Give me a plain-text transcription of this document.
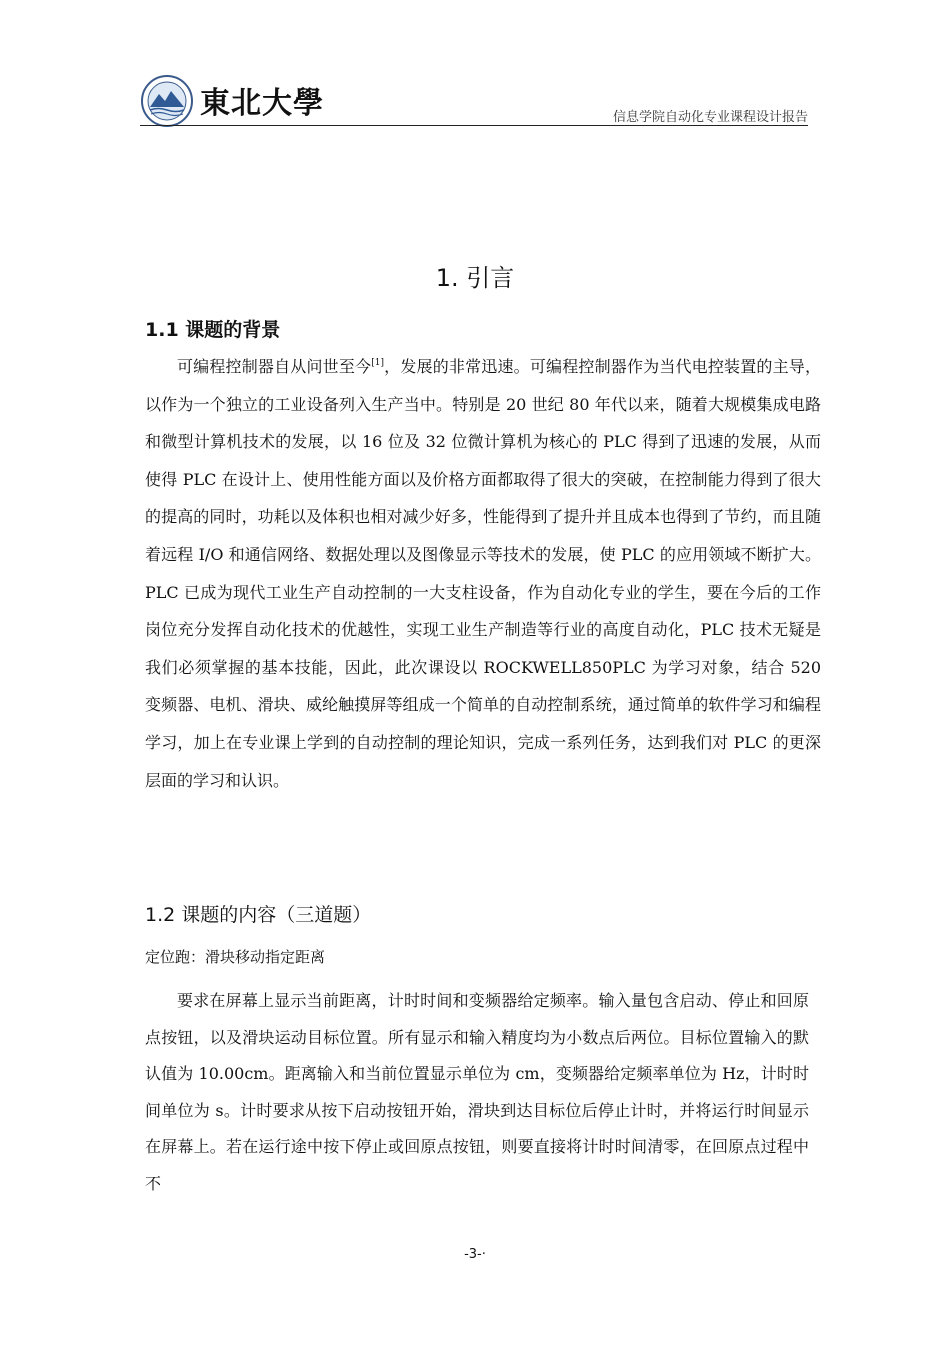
東北大學	信息学院自动化专业课程设计报告
1. 引言
1.1 课题的背景

可编程控制器自从问世至今[1]，发展的非常迅速。可编程控制器作为当代电控装置的主导，以作为一个独立的工业设备列入生产当中。特别是 20 世纪 80 年代以来，随着大规模集成电路和微型计算机技术的发展，以 16 位及 32 位微计算机为核心的 PLC 得到了迅速的发展，从而使得 PLC 在设计上、使用性能方面以及价格方面都取得了很大的突破，在控制能力得到了很大的提高的同时，功耗以及体积也相对减少好多，性能得到了提升并且成本也得到了节约，而且随着远程 I/O 和通信网络、数据处理以及图像显示等技术的发展，使 PLC 的应用领域不断扩大。PLC 已成为现代工业生产自动控制的一大支柱设备，作为自动化专业的学生，要在今后的工作岗位充分发挥自动化技术的优越性，实现工业生产制造等行业的高度自动化，PLC 技术无疑是我们必须掌握的基本技能，因此，此次课设以 ROCKWELL850PLC 为学习对象，结合 520 变频器、电机、滑块、威纶触摸屏等组成一个简单的自动控制系统，通过简单的软件学习和编程学习，加上在专业课上学到的自动控制的理论知识，完成一系列任务，达到我们对 PLC 的更深层面的学习和认识。

1.2 课题的内容（三道题）
定位跑：滑块移动指定距离

要求在屏幕上显示当前距离，计时时间和变频器给定频率。输入量包含启动、停止和回原点按钮，以及滑块运动目标位置。所有显示和输入精度均为小数点后两位。目标位置输入的默认值为 10.00cm。距离输入和当前位置显示单位为 cm，变频器给定频率单位为 Hz，计时时间单位为 s。计时要求从按下启动按钮开始，滑块到达目标位后停止计时，并将运行时间显示在屏幕上。若在运行途中按下停止或回原点按钮，则要直接将计时时间清零，在回原点过程中不

-3-·
